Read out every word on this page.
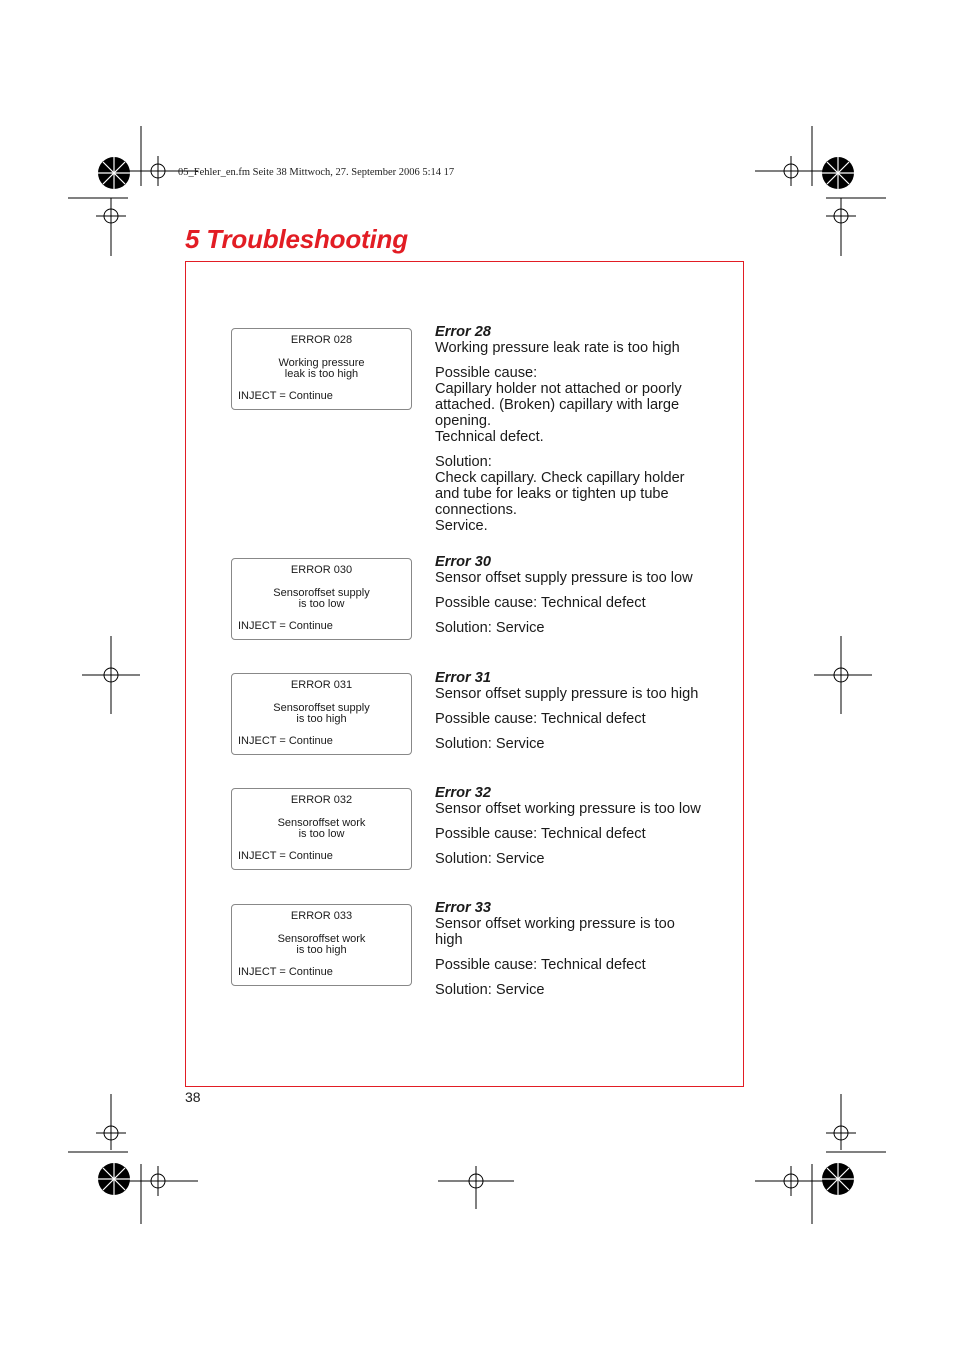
05_Fehler_en.fm Seite 38 Mittwoch, 27. September 2006 5:14 17
5 Troubleshooting
ERROR 028
Working pressure
leak is too high
INJECT = Continue
Error 28

Working pressure leak rate is too high

Possible cause:
Capillary holder not attached or poorly attached. (Broken) capillary with large opening.
Technical defect.

Solution:
Check capillary. Check capillary holder and tube for leaks or tighten up tube connections.
Service.

ERROR 030
Sensoroffset supply
is too low
INJECT = Continue
Error 30

Sensor offset supply pressure is too low

Possible cause: Technical defect

Solution: Service

ERROR 031
Sensoroffset supply
is too high
INJECT = Continue
Error 31

Sensor offset supply pressure is too high

Possible cause: Technical defect

Solution: Service

ERROR 032
Sensoroffset work
is too low
INJECT = Continue
Error 32

Sensor offset working pressure is too low

Possible cause: Technical defect

Solution: Service

ERROR 033
Sensoroffset work
is too high
INJECT = Continue
Error 33

Sensor offset working pressure is too high

Possible cause: Technical defect

Solution: Service

38
